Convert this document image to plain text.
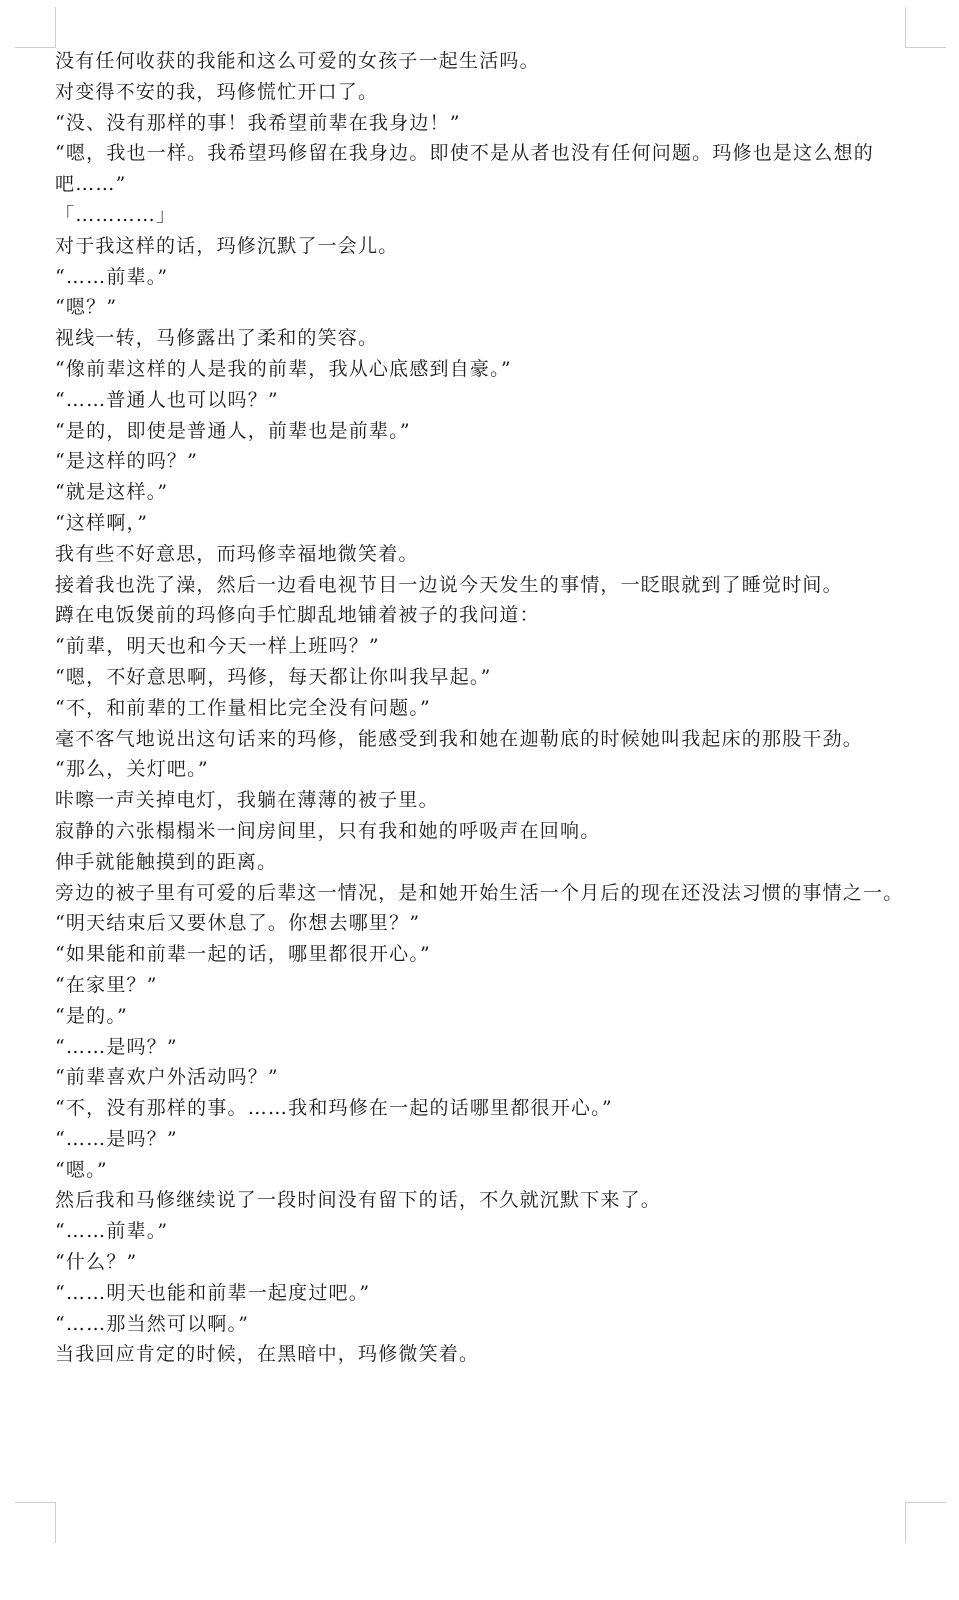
没有任何收获的我能和这么可爱的女孩子一起生活吗。

对变得不安的我，玛修慌忙开口了。

“没、没有那样的事！我希望前辈在我身边！”

“嗯，我也一样。我希望玛修留在我身边。即使不是从者也没有任何问题。玛修也是这么想的吧……”

「…………」

对于我这样的话，玛修沉默了一会儿。

“……前辈。”

“嗯？”

视线一转，马修露出了柔和的笑容。

“像前辈这样的人是我的前辈，我从心底感到自豪。”

“……普通人也可以吗？”

“是的，即使是普通人，前辈也是前辈。”

“是这样的吗？”

“就是这样。”

“这样啊，”

我有些不好意思，而玛修幸福地微笑着。

接着我也洗了澡，然后一边看电视节目一边说今天发生的事情，一眨眼就到了睡觉时间。

蹲在电饭煲前的玛修向手忙脚乱地铺着被子的我问道：

“前辈，明天也和今天一样上班吗？”

“嗯，不好意思啊，玛修，每天都让你叫我早起。”

“不，和前辈的工作量相比完全没有问题。”

毫不客气地说出这句话来的玛修，能感受到我和她在迦勒底的时候她叫我起床的那股干劲。

“那么，关灯吧。”

咔嚓一声关掉电灯，我躺在薄薄的被子里。

寂静的六张榻榻米一间房间里，只有我和她的呼吸声在回响。

伸手就能触摸到的距离。

旁边的被子里有可爱的后辈这一情况，是和她开始生活一个月后的现在还没法习惯的事情之一。

“明天结束后又要休息了。你想去哪里？”

“如果能和前辈一起的话，哪里都很开心。”

“在家里？”

“是的。”

“……是吗？”

“前辈喜欢户外活动吗？”

“不，没有那样的事。……我和玛修在一起的话哪里都很开心。”

“……是吗？”

“嗯。”

然后我和马修继续说了一段时间没有留下的话，不久就沉默下来了。

“……前辈。”

“什么？”

“……明天也能和前辈一起度过吧。”

“……那当然可以啊。”

当我回应肯定的时候，在黑暗中，玛修微笑着。
